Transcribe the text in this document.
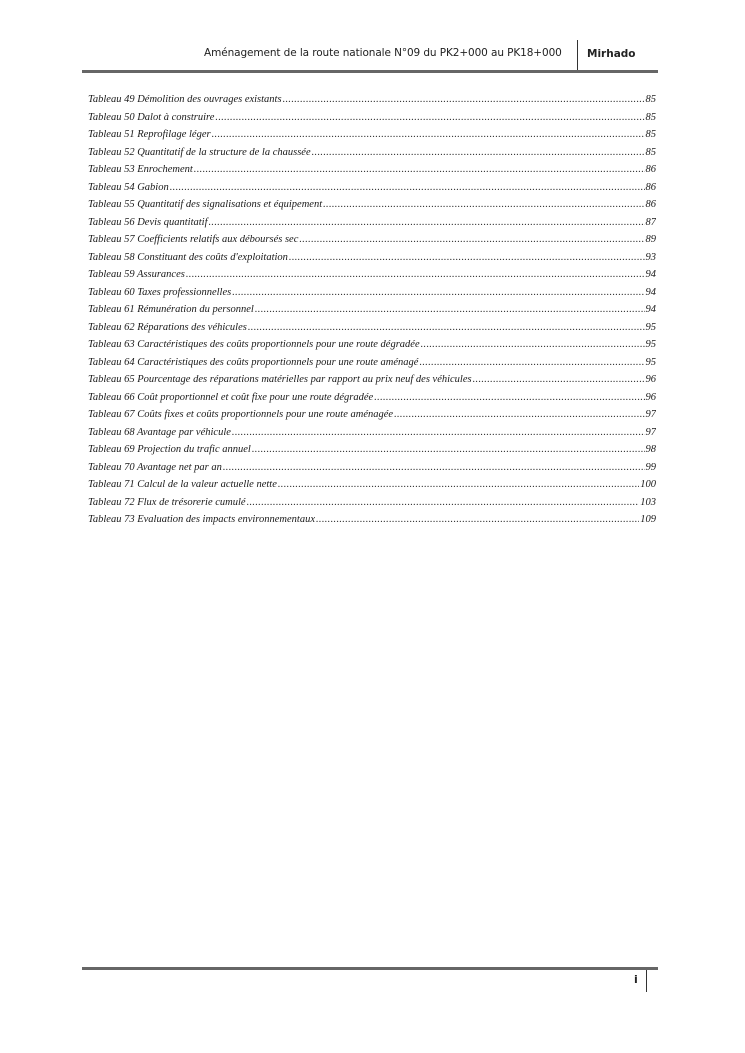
Aménagement de la route nationale N°09 du PK2+000 au PK18+000 Mirhado
Tableau 49 Démolition des ouvrages existants .....	85
Tableau 50 Dalot à construire .....	85
Tableau 51 Reprofilage léger .....	85
Tableau 52 Quantitatif de la structure de la chaussée .....	85
Tableau 53 Enrochement .....	86
Tableau 54 Gabion .....	86
Tableau 55 Quantitatif des signalisations et équipement .....	86
Tableau 56 Devis quantitatif .....	87
Tableau 57 Coefficients relatifs aux déboursés sec .....	89
Tableau 58 Constituant des coûts d'exploitation .....	93
Tableau 59 Assurances .....	94
Tableau 60 Taxes professionnelles .....	94
Tableau 61 Rémunération du personnel .....	94
Tableau 62 Réparations des véhicules .....	95
Tableau 63 Caractéristiques des coûts proportionnels pour une route dégradée .....	95
Tableau 64 Caractéristiques des coûts proportionnels pour une route aménagé .....	95
Tableau 65 Pourcentage des réparations matérielles par rapport au prix neuf des véhicules .....	96
Tableau 66 Coût proportionnel et coût fixe pour une route dégradée .....	96
Tableau 67 Coûts fixes et coûts proportionnels pour une route aménagée .....	97
Tableau 68 Avantage par véhicule .....	97
Tableau 69 Projection du trafic annuel .....	98
Tableau 70 Avantage net par an .....	99
Tableau 71 Calcul de la valeur actuelle nette .....	100
Tableau 72 Flux de trésorerie cumulé .....	103
Tableau 73 Evaluation des impacts environnementaux .....	109
i
